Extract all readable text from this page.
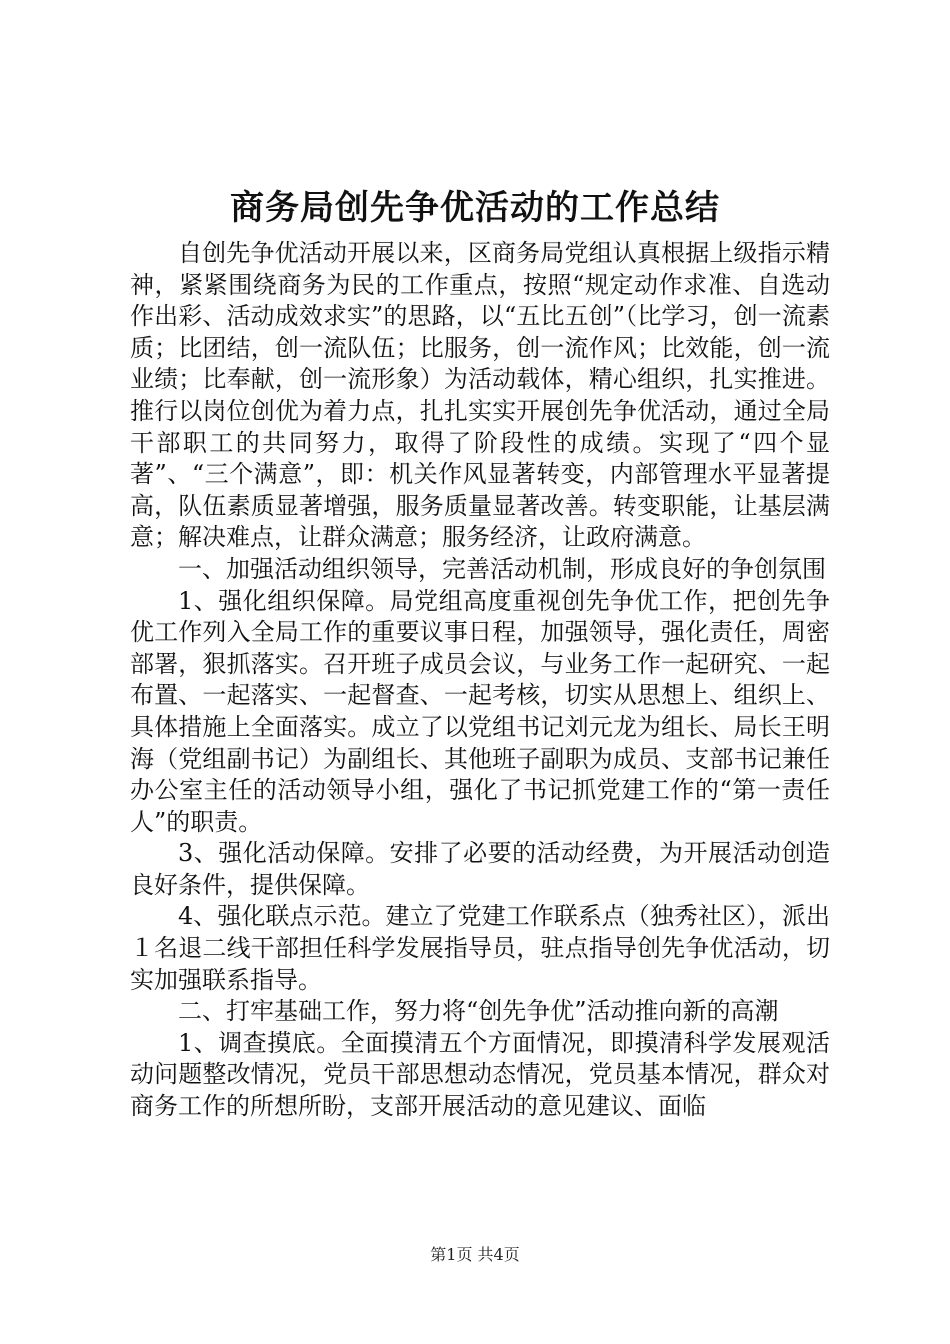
商务局创先争优活动的工作总结

自创先争优活动开展以来，区商务局党组认真根据上级指示精神，紧紧围绕商务为民的工作重点，按照“规定动作求准、自选动作出彩、活动成效求实”的思路，以“五比五创”（比学习，创一流素质；比团结，创一流队伍；比服务，创一流作风；比效能，创一流业绩；比奉献，创一流形象）为活动载体，精心组织，扎实推进。推行以岗位创优为着力点，扎扎实实开展创先争优活动，通过全局干部职工的共同努力，取得了阶段性的成绩。实现了“四个显著”、“三个满意”，即：机关作风显著转变，内部管理水平显著提高，队伍素质显著增强，服务质量显著改善。转变职能，让基层满意；解决难点，让群众满意；服务经济，让政府满意。

一、加强活动组织领导，完善活动机制，形成良好的争创氛围

1、强化组织保障。局党组高度重视创先争优工作，把创先争优工作列入全局工作的重要议事日程，加强领导，强化责任，周密部署，狠抓落实。召开班子成员会议，与业务工作一起研究、一起布置、一起落实、一起督查、一起考核，切实从思想上、组织上、具体措施上全面落实。成立了以党组书记刘元龙为组长、局长王明海（党组副书记）为副组长、其他班子副职为成员、支部书记兼任办公室主任的活动领导小组，强化了书记抓党建工作的“第一责任人”的职责。

3、强化活动保障。安排了必要的活动经费，为开展活动创造良好条件，提供保障。

4、强化联点示范。建立了党建工作联系点（独秀社区），派出１名退二线干部担任科学发展指导员，驻点指导创先争优活动，切实加强联系指导。

二、打牢基础工作，努力将“创先争优”活动推向新的高潮

1、调查摸底。全面摸清五个方面情况，即摸清科学发展观活动问题整改情况，党员干部思想动态情况，党员基本情况，群众对商务工作的所想所盼，支部开展活动的意见建议、面临

第1页 共4页
